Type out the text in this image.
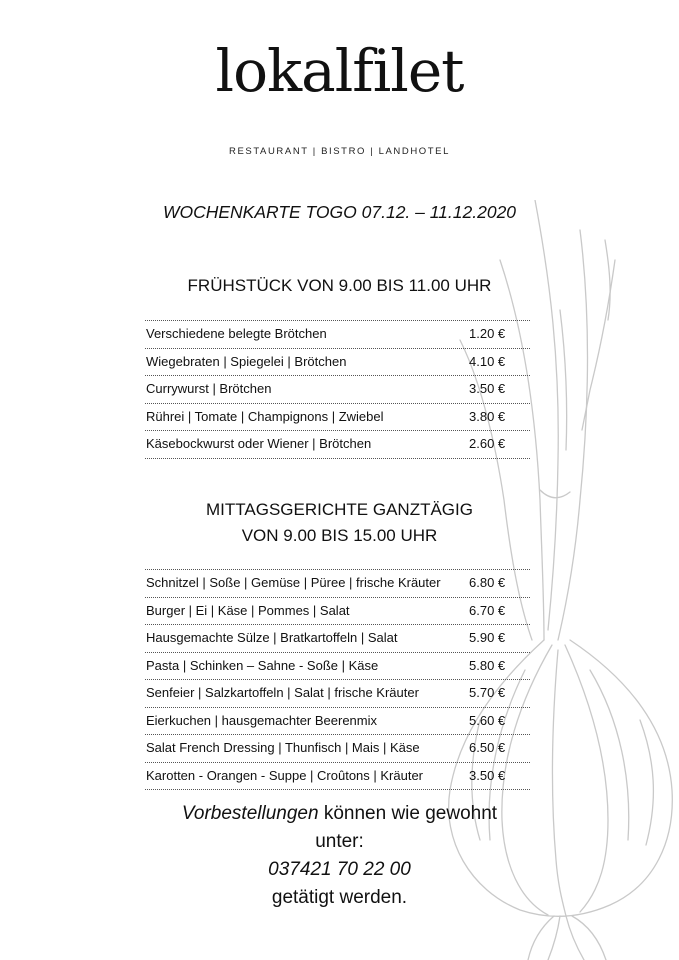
lokalfilet
RESTAURANT | BISTRO | LANDHOTEL
WOCHENKARTE TOGO 07.12. – 11.12.2020
FRÜHSTÜCK VON 9.00 BIS 11.00 UHR
Verschiedene belegte Brötchen	1.20 €
Wiegebraten | Spiegelei | Brötchen	4.10 €
Currywurst | Brötchen	3.50 €
Rührei | Tomate | Champignons | Zwiebel	3.80 €
Käsebockwurst oder Wiener | Brötchen	2.60 €
MITTAGSGERICHTE GANZTÄGIG
VON 9.00 BIS 15.00 UHR
Schnitzel | Soße | Gemüse | Püree | frische Kräuter 6.80 €
Burger | Ei | Käse | Pommes | Salat	6.70 €
Hausgemachte Sülze | Bratkartoffeln | Salat	5.90 €
Pasta | Schinken – Sahne - Soße | Käse	5.80 €
Senfeier | Salzkartoffeln | Salat | frische Kräuter	5.70 €
Eierkuchen | hausgemachter Beerenmix	5.60 €
Salat French Dressing | Thunfisch | Mais | Käse	6.50 €
Karotten - Orangen - Suppe | Croûtons | Kräuter	3.50 €
Vorbestellungen können wie gewohnt
unter:
037421 70 22 00
getätigt werden.
